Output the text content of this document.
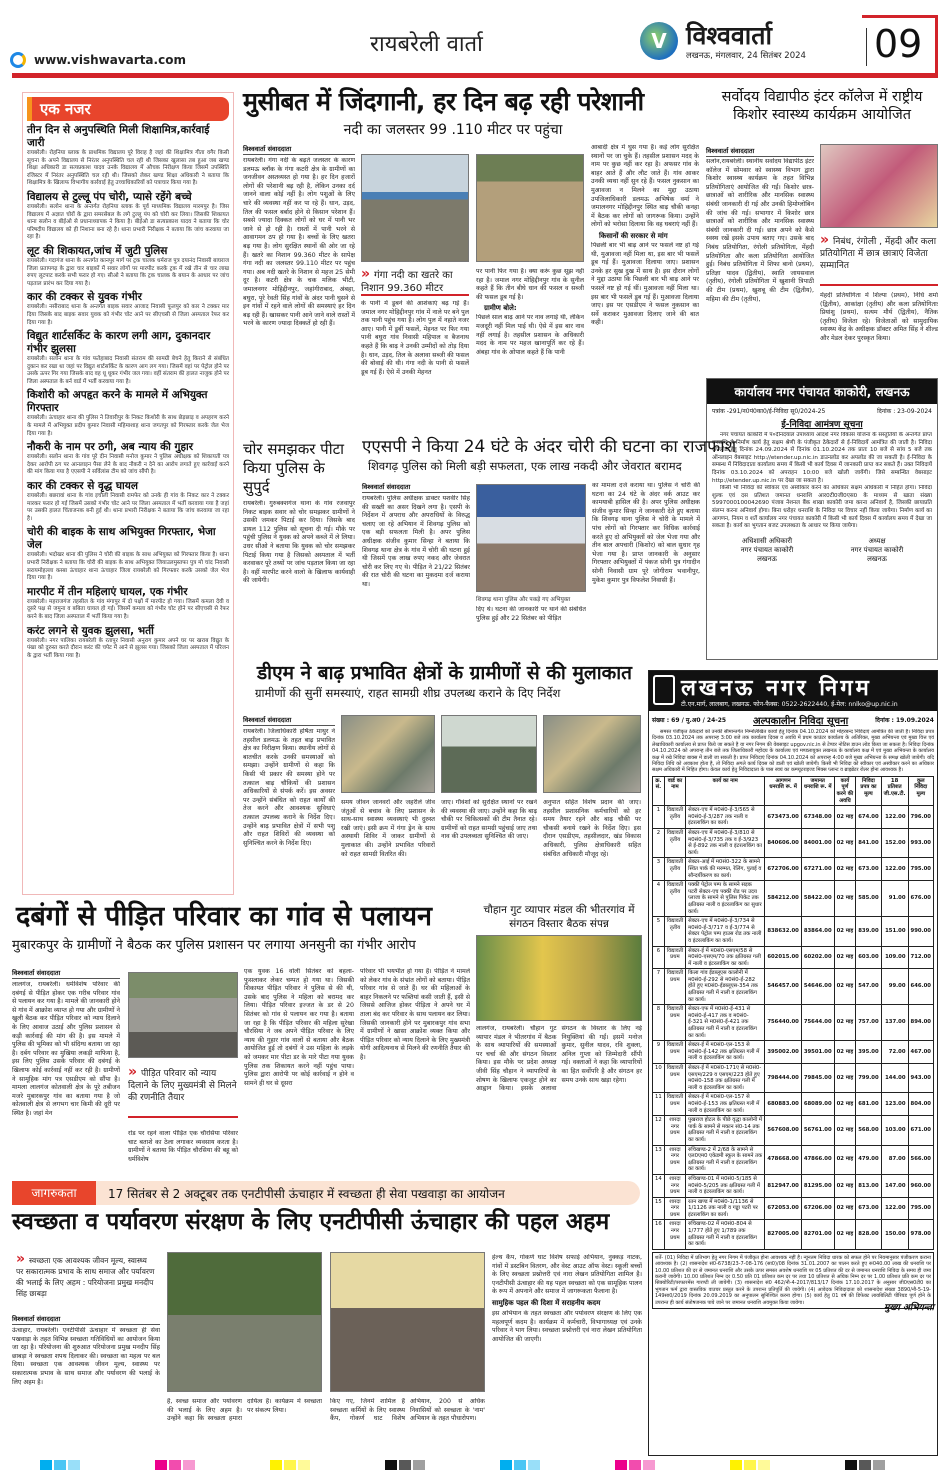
www.vishwavarta.com
रायबरेली वार्ता	V विश्ववार्ता
लखनऊ, मंगलवार, 24 सितंबर 2024 09
एक नजर
तीन दिन से अनुपस्थिति मिली शिक्षामित्र,कार्रवाई जारी

रायबरेली। रोहनिया ब्लाक के प्राथमिक विद्यालय पूरे विराह है जहां की शिक्षामित्र गीता वगैर किसी सूचना के अपने विद्यालय से निरंतर अनुपस्थिति चल रही थी जिसका खुलासा तब हुआ जब खण्ड शिक्षा अधिकारी डा सत्यप्रकाश यादव उनके विद्यालय में औचक निरीक्षण किया जिसमें उपस्थिति रजिस्टर में निरंतर अनुपस्थिति चल रही थी। जिसको लेकर खण्ड शिक्षा अधिकारी ने बताया कि शिक्षामित्र के खिलाफ विभागीय कार्रवाई हेतु उच्चाधिकारियों को पत्राचार किया गया है।

विद्यालय से टुल्लू पंप चोरी, प्यासे रहेंगे बच्चे

रायबरेली। सलोन थाना के अन्तर्गत रोहनिया ब्लाक के पूर्व माध्यमिक विद्यालय मारमपुर है। जिस विद्यालय में अज्ञात चोरों के द्वारा समरसेबल के लगे टुल्लू पंप को चोरी कर लिया। जिसकी शिकायत थाना सलोन व बीईओ से प्रधानाध्यापक ने किया है। बीईओ डा सत्यप्रकाश यादव ने बताया कि चोर परिषदीय विद्यालय को ही निशाना बना रहे है। थाना प्रभारी निरीक्षक ने बताया कि जांच करवाया जा रहा है।

लूट की शिकायत,जांच में जुटी पुलिस

रायबरेली। गदागंज थाना के अन्तर्गत कानपुर मार्ग पर ट्रक चालक धर्मराज पुत्र दयानंद निवासी बाघराज जिला प्रतापगढ़ के द्वारा चार बाइकों में सवार लोगों पर मारपीट करके ट्रक में रखे तीन से चार लाख रुपए लूटपाट करके सभी फरार हो गए। सीओ ने बताया कि ट्रक चालक के बयान के आधार पर जांच पड़ताल प्रारंभ कर दिया गया है।

कार की टक्कर से युवक गंभीर

रायबरेली। नसीराबाद थाना के अन्तर्गत बाइक सवार आजाद निवासी फूलपुर को कार ने टक्कर मार दिया जिसके बाद बाइक सवार युवक को गंभीर चोट आने पर सीएचसी से जिला अस्पताल रेफर कर दिया गया है।

विद्युत शार्टसर्किट के कारण लगी आग, दुकानदार गंभीर झुलसा

रायबरेली। सलोन थाना के गांव फतेहाबाद निवासी संतराम की सामग्री बेचने हेतु किराने से संबंधित दुकान कर रखा था जहां पर विद्युत शार्टसर्किट के कारण आग लग गया। जिसमें वहां पर पेट्रोल होने पर उसके ऊपर गिर गया जिसके बाद वह धू धूकर गंभीर जल गया। वहीं संतराम की हालत नाजुक होने पर जिला अस्पताल के बर्न वार्ड में भर्ती करवाया गया है।

किशोरी को अपहृत करने के मामले में अभियुक्त गिरफ्तार

रायबरेली। ऊंचाहार थाना की पुलिस ने तिवारीपुर के निकट किशोरी के साथ छेड़छाड़ व अपहरण करने के मामले में अभियुक्त प्रदीप कुमार निवासी महिमाशाह थाना जगतपुर को गिरफ्तार करके जेल भेज दिया गया है।

नौकरी के नाम पर ठगी, अब न्याय की गुहार

रायबरेली। सलोन थाना के गांव पूरे दीन निवासी मनोज कुमार ने पुलिस अधीक्षक को शिकायती पत्र देकर आरोपी ठग पर आनलाइन पैसा लेने के बाद नौकरी न देने का आरोप लगाते हुए कार्रवाई करने की मांग किया गया है एएसपी ने सर्विलांस टीम को जांच सौंपी है।

कार की टक्कर से वृद्ध घायल

रायबरेली। बछरावां थाना के गांव इचौली निवासी रामफेर को उनके ही गांव के निकट कार ने टक्कर मारकर फरार हो गई जिसमें उसको गंभीर चोट आने पर जिला अस्पताल में भर्ती करवाया गया है जहां पर उसकी हालत चिंताजनक बनी हुई थी। थाना प्रभारी निरीक्षक ने बताया कि जांच करवाया जा रहा है।

चोरी की बाइक के साथ अभियुक्त गिरफ्तार, भेजा जेल

रायबरेली। भदोखर थाना की पुलिस ने चोरी की बाइक के साथ अभियुक्त को गिरफ्तार किया है। थाना प्रभारी निरीक्षक ने बताया कि चोरी की बाइक के साथ अभियुक्त जियाउलमुस्तफा पुत्र मो चांद निवासी सरायमोहल्ला कस्बा ऊंचाहार थाना ऊंचाहार जिला रायबरेली को गिरफ्तार करके उसको जेल भेज दिया गया है।

मारपीट में तीन महिलाएं घायल, एक गंभीर

रायबरेली। महराजगंज तहसील के गांव मंगापुर में दो पक्षों में मारपीट हो गया। जिसमें कमला देवी व दूसरे पक्ष से जमुना व बबिता घायल हो गई। जिसमें कमला को गंभीर चोट होने पर सीएचसी से रेफर करने के बाद जिला अस्पताल में भर्ती किया गया है।

करंट लगने से युवक झुलसा, भर्ती

रायबरेली। नगर पालिका रायबरेली के रतापुर निवासी अनुराग कुमार अपने घर पर खराब विद्युत के पंखा को दुरुस्त करते दौरान करंट की चपेट में आने से झुलस गया। जिसको जिला अस्पताल में परिजन के द्वारा भर्ती किया गया है।

मुसीबत में जिंदगानी, हर दिन बढ़ रही परेशानी
नदी का जलस्तर 99 .110 मीटर पर पहुंचा
विश्ववार्ता संवाददाता
रायबरेली। गंगा नदी के बढ़ते जलस्तर के कारण डलमऊ ब्लॉक के गंगा कटरी क्षेत्र के ग्रामीणों का जनजीवन अस्तव्यस्त हो गया है। हर दिन हजारों लोगों की परेशानी बढ़ रही है, लेकिन उनका दर्द जानने वाला कोई नहीं है। लोग पशुओं के लिए चारे की व्यवस्था नहीं कर पा रहे हैं। धान, उड़द, तिल की फसल बर्बाद होने से किसान परेशान हैं। सबसे ज्यादा दिक्कत लोगों को घर में पानी भर जाने से हो रही है। रास्तों में पानी भरने से आवागमन ठप हो गया है। बच्चों के लिए खतरा बढ़ गया है। लोग सुरक्षित स्थानों की ओर जा रहे हैं। खतरे का निशान 99.360 मीटर के सापेक्ष गंगा नदी का जलस्तर 99.110 मीटर पर पहुंच गया। अब नदी खतरे के निशान से महज 25 सेमी दूर है। कटरी क्षेत्र के चक मलिक भीटी, जमालनगर मोहिद्दीनपुर, जहांगीराबाद, अंबहा, बघुरा, पूरे रेवती सिंह गांवों के अंदर पानी घुसने से इन गांवों में रहने वाले लोगों की समस्याएं हर दिन बढ़ रही हैं। खासकर पानी आने जाने वाले रास्तों में भरने के कारण ज्यादा दिक्कतें हो रही हैं।
» गंगा नदी का खतरे का निशान 99.360 मीटर
के पानी में डूबने की आशंकाएं बढ़ गई हैं। जमाल नगर मोहिद्दीनपुर गांव में नाले पर बने पुल तक पानी पहुंच गया है। लोग पुल में नहाते नजर आए। पानी में डूबीं फसलें, मेहनत पर फिर गया पानी बघुरा गांव निवासी महिपाल व बैजनाथ कहते हैं कि बाढ़ ने उनकी उम्मीदों को तोड़ दिया है। धान, उड़द, तिल के अलावा सब्जी की फसल की बोवाई की थी। गंगा नदी के पानी से फसलें डूब गई हैं। ऐसे में उनकी मेहनत
पर पानी फिर गया है। क्या करूं कुछ सूझ नहीं रहा है। जमाल नगर मोहिद्दीनपुर गांव के सुनील कहते हैं कि तीन बीघे धान की फसल व सब्जी की फसल डूब गई है।
ग्रामीण बोले:
पिछले साल बाढ़ आने पर नाव लगाई थी, लेकिन मजदूरी नहीं मिल पाई थी। ऐसे में इस बार नाव नहीं लगाई है। तहसील प्रशासन के अधिकारी मदद के नाम पर महज खानापूर्ति कर रहे हैं। अंबहा गांव के ओपाल कहते हैं कि पानी
आबादी क्षेत्र में घुस गया है। कई लोग सुरक्षित स्थानों पर जा चुके हैं। तहसील प्रशासन मदद के नाम पर कुछ नहीं कर रहा है। अफसर गांव के बाहर आते हैं और लौट जाते हैं। गांव आकर उनकी व्यथा नहीं सुन रहे हैं। फसल नुकसान का मुआवजा न मिलने का मुद्दा उठाया उपजिलाधिकारी डलमऊ अभिषेक वर्मा ने जमालनगर मोहिद्दीनपुर स्थित बाढ़ चौकी कनहा में बैठक कर लोगों को जागरूक किया। उन्होंने लोगों को भरोसा दिलाया कि वह घबराएं नहीं हैं।
किसानों की सरकार से मांग
पिछली बार भी बाढ़ आने पर फसलें नष्ट हो गई थी, मुआवजा नहीं मिला था, इस बार भी फसलें डूब गई हैं। मुआवजा दिलाया जाए। प्रशासन उनके हर सुख दुख में साथ है। इस दौरान लोगों ने मुद्दा उठाया कि पिछली बार भी बाढ़ आने पर फसलें नष्ट हो गई थीं। मुआवजा नहीं मिला था। इस बार भी फसलें डूब गई हैं। मुआवजा दिलाया जाए। इस पर एसडीएम ने फसल नुकसान का सर्वे कराकर मुआवजा दिलाए जाने की बात कही।
सर्वोदय विद्यापीठ इंटर कॉलेज में राष्ट्रीय किशोर स्वास्थ्य कार्यक्रम आयोजित
विश्ववार्ता संवाददाता
सलोन,रायबरेली। स्थानीय सर्वोदय विद्यापीठ इंटर कॉलेज में सोमवार को स्वास्थ्य विभाग द्वारा किशोर स्वास्थ्य कार्यक्रम के तहत विभिन्न प्रतियोगिताएं आयोजित की गईं। किशोर छात्र-छात्राओं को शारीरिक और मानसिक स्वास्थ्य संबंधी जानकारी दी गई और उनकी हिमोग्लोबिन की जांच की गई। सभागार में किशोर छात्र छात्राओं को शारीरिक और मानसिक स्वास्थ्य संबंधी जानकारी दी गई। छात्र अपने को कैसे स्वस्थ रखें इसके उपाय बताए गए। उसके बाद निबंध प्रतियोगिता, रंगोली प्रतियोगिता, मेंहदी प्रतियोगिता और कला प्रतियोगिता आयोजित हुई। निबंध प्रतियोगिता में शिफा बानो (प्रथम), प्रतिज्ञा यादव (द्वितीय), स्वाति जायसवाल (तृतीय), रंगोली प्रतियोगिता में खुशानी त्रिपाठी की टीम (प्रथम), खुशबू की टीम (द्वितीय), महिमा की टीम (तृतीय),
» निबंध, रंगोली , मेंहदी और कला प्रतियोगिता में छात्र छात्राएं विजेता सम्मानित
मेंहदी प्रतियोगिता में शिल्पा (प्रथम), निधि शर्मा (द्वितीय), आकांक्षा (तृतीय) और कला प्रतियोगिताः प्रियांशु (प्रथम), सत्यम मौर्य (द्वितीय), नैतिक (तृतीय) विजेता रहे। विजेताओं को सामुदायिक स्वास्थ्य केंद्र के अधीक्षक डॉक्टर अमित सिंह ने शील्ड और मेडल देकर पुरस्कृत किया।
कार्यालय नगर पंचायत काकोरी, लखनऊ
पत्रांक -291/न0पं0का0/ई-निविदा सू0/2024-25	दिनांक : 23-09-2024
ई-निविदा आमंत्रण सूचना
नगर पंचायत काकोरी में पं०दीनदयाल उपाध्याय आदर्श नगर विकास योजना के संस्तुतियों के अन्तर्गत प्राप्त धनराशि से निर्माण कार्य हेतु सक्षम श्रेणी के पंजीकृत ठेकेदारों से ई-निविदायें आमंत्रित की जाती है। निविदा अपलोड हेतु दिनांक 24.09.2024 से दिनांक 01.10.2024 तक प्रातः 10 बजे से सांय 5 बजे तक ऑनलाइन वेबसाइट http://etender.up.nic.in डाउनलोड कर अपलोड की जा सकती है। ई-निविदा के सम्बन्ध में निविदादाता कार्यालय समय में किसी भी कार्य दिवस में जानकारी प्राप्त कर सकते हैं। उक्त निविदायें दिनांक 03.10.2024 को अपराहन 10:00 बजे खोली जायेंगी। जिसे सम्बन्धित वेबसाइट http://etender.up.nic.in पर देखा जा सकता है।
किसी भी निविदा को स्वीकार एवं अस्वीकार करने का अधिकार सक्षम अधिकारी में निहित होगा। निविदा शुल्क एवं दस प्रतिशत जमानत धनराशि आर0टी0जी0एस0 के माध्यम से खाता संख्या 5997000100042690 पंजाब नेशनल बैंक शाखा काकोरी जमा करना अनिवार्य है, जिसकी छायाप्रति संलग्न करना अनिवार्य होगा। बिना धरोहर धनराशि के निविदा पर विचार नहीं किया जायेगा। निर्माण कार्य का आगणन, नियम व शर्ते कार्यालय नगर पंचायत काकोरी में किसी भी कार्य दिवस में कार्यालय समय में देखा जा सकता है। कार्य का भुगतान बजट उपलब्धता के आधार पर किया जायेगा।
अधिशासी अधिकारी
नगर पंचायत काकोरी
लखनऊ
अध्यक्ष
नगर पंचायत काकोरी
लखनऊ
चोर समझकर पीटा किया पुलिस के सुपुर्द
रायबरेली। गुरुबक्शगंज थाना के गांव रजवापुर निकट बाइक सवार को चोर समझकर ग्रामीणों ने उसकी जमकर पिटाई कर दिया। जिसके बाद डायल 112 पुलिस को सूचना दी गई। मौके पर पहुंची पुलिस ने युवक को अपने कब्जे में ले लिया। उधर सीओ ने बताया कि युवक को चोर समझकर पिटाई किया गया है जिसको अस्पताल में भर्ती करवाकर पूरे तथ्यों पर जांच पड़ताल किया जा रहा है। वहीं मारपीट करने वालो के खिलाफ कार्यवाही की जायेगी।
एएसपी ने किया 24 घंटे के अंदर चोरी की घटना का राजफाश
शिवगढ़ पुलिस को मिली बड़ी सफलता, एक लाख नकदी और जेवरात बरामद
विश्ववार्ता संवाददाता
रायबरेली। पुलिस अधीक्षक डाक्टर यशवीर सिंह की सख्ती का असर दिखने लगा है। एसपी के निर्देशन में अपराध और अपराधियों के विरुद्ध चलाए जा रहे अभियान में शिवगढ़ पुलिस को एक बड़ी सफलता मिली है। अपर पुलिस अधीक्षक संजीव कुमार सिन्हा ने बताया कि शिवगढ़ थाना क्षेत्र के गांव में चोरी की घटना हुई थी जिसमें एक लाख रुपए नकद और जेवरात चोरी कर लिए गए थे। पीड़ित ने 21/22 सितंबर की रात चोरी की घटना का मुकदमा दर्ज कराया था।
शिवगढ़ थाना पुलिस और पकड़े गए अभियुक्त
दिए थे। घटना की जानकारी पर थाने की संबंधित पुलिस हुई और 22 सितंबर को पीड़ित
का मामला दर्ज कराया था। पुलिस ने चोरी की घटना का 24 घंटे के अंदर वर्क आउट कर कामयाबी हासिल की है। अपर पुलिस अधीक्षक संजीव कुमार सिन्हा ने जानकारी देते हुए बताया कि शिवगढ़ थाना पुलिस ने चोरी के मामले में पांच लोगों को गिरफ्तार कर विधिक कार्रवाई करते हुए दो अभियुक्तों को जेल भेजा गया और तीन बाल अपचारी (किशोर) को बाल सुधार गृह भेजा गया है। प्राप्त जानकारी के अनुसार गिरफ्तार अभियुक्तों में पंकज सोनी पुत्र गंगादीन सोनी निवासी ग्राम पूरे जोगीराम भवानीपुर, मुकेश कुमार पुत्र विफलेश निवासी हैं।
डीएम ने बाढ़ प्रभावित क्षेत्रों के ग्रामीणों से की मुलाकात
ग्रामीणों की सुनीं समस्याएं, राहत सामग्री शीघ्र उपलब्ध कराने के दिए निर्देश
विश्ववार्ता संवाददाता
रायबरेली। जिलाधिकारी हर्षिता माथुर ने तहसील डलमऊ के तहत बाढ़ प्रभावित क्षेत्र का निरीक्षण किया। स्थानीय लोगों से बातचीत करके उनकी समस्याओं को समझा। उन्होंने ग्रामीणों से कहा कि किसी भी प्रकार की समस्या होने पर तत्काल बाढ़ चौकियों की प्रशासन अधिकारियों से संपर्क करें। इस अवसर पर उन्होंने संबंधित को राहत कार्यों की तेज करने और आवश्यक सुविधाएं तत्काल उपलब्ध कराने के निर्देश दिए। उन्होंने बाढ़ प्रभावित क्षेत्रों में सभी पशु और राहत शिविरों की व्यवस्था को सुनिश्चित करने के निर्देश दिए।
समय जीवन जानवरों और जहरीले जीव जंतुओं से बचाव के लिए प्रशासन के साथ-साथ स्वास्थ्य व्यवस्थाएं भी दुरुस्त रखी जाएं। इसी क्रम में गंगा ड्रेन के साथ अस्थायी शिविर में जाकर ग्रामीणों से मुलाकात की। उन्होंने प्रभावित परिवारों को राहत सामग्री वितरित की।
जाए। गौवंशों को सुरक्षित स्थानों पर रखने की व्यवस्था की जाए। उन्होंने कहा कि बाढ़ चौकी पर चिकित्सकों की टीम तैनात रहे। ग्रामीणों को राहत सामग्री पहुंचाई जाए तथा नाव की उपलब्धता सुनिश्चित की जाए।
अनुपात सहित विशेष प्रदान की जाए। तहसील प्रशासनिक कर्मचारियों को हर समय तैयार रहने और बाढ़ चौकी पर चौकसी बनाये रखने के निर्देश दिए। इस दौरान एसडीएम, तहसीलदार, खंड विकास अधिकारी, पुलिस क्षेत्राधिकारी सहित संबंधित अधिकारी मौजूद रहे।
लखनऊ नगर निगम
टी.एन.मार्ग, लालबाग, लखनऊ. फोन-फैक्स: 0522-2622440, ई-मेल: nnlko@up.nic.in
संख्या : 69 / मु.अ0 / 24-25	अल्पकालीन निविदा सूचना	दिनांक : 19.09.2024
समस्त पंजीकृत ठेकेदारों को उनकी सीमान्तर्गत निम्नलिखित कार्यो हेतु दिनांक 04.10.2024 को मोहरबन्द निविदाएं आमंत्रित की जाती है। निविदा प्रपत्र दिनांक 03.10.2024 तक अपरान्ह 3:00 बजे तक कार्यालय दिवस व अवधि में प्रथम काउंटर कार्यालय के अतिरिक्त, मुख्य अभियन्ता एवं मुख्य वित्त एवं लेखाधिकारी कार्यालय से प्राप्त किये जा सकते है या नगर निगम की वेबसाइट upgov.nic.in से टेण्डर नोटिस डाउन लोड किया जा सकता है। निविदा दिनांक 04.10.2024 को अपरान्ह तीन बजे तक जिलाधिकारी महोदय के कार्यालय एवं मण्डलायुक्त लखनऊ के कार्यालय कक्ष में एवं मुख्य अभियन्ता के कार्यालय कक्ष में रखे निविदा बाक्स में डाली जा सकती है। प्राप्त निविदाएं दिनांक 04.10.2024 को अपरान्ह 4:00 बजे मुख्य अभियन्ता के समक्ष खोली जायेगी। यदि निविदा तिथि को अवकाश होता है, तो निविदा अगले कार्य दिवस को डाली एवं खोली जायेगी। किसी भी निविदा को स्वीकार एवं अस्वीकार करने का अधिकार सक्षम अधिकारी में निहित होगा। केवल कार्य हेतु निविदादाता के पास स्वयं का कम्प्यूटराइज्ड मिक्स प्लान्ट व ब्राइब्रेटर रोलर होना आवश्यक है।
क्र. सं.	वार्ड का नाम	कार्य का नाम	आगणन धनराशि रू. में	जमानत धनराशि रू. में	कार्य पूर्ण करने की अवधि	निविदा प्रपत्र का मूल्य	18 प्रतिशत जी.एस.टी.	कुल निविदा मूल्य
1	विद्यावती तृतीय	सेक्टर-एच में म0सं0-ई-3/565 से म0सं0-ई-3/287 तक नाली व इंटरलाकिंग का कार्य।	673473.00	67348.00	02 माह	674.00	122.00	796.00
2	विद्यावती तृतीय	सेक्टर-एच में म0सं0-ई-3/810 से म0सं0-ई-3/735 तक व ई-3/923 से ई-892 तक नाली व इंटरलाकिंग का कार्य।	840606.00	84001.00	02 माह	841.00	152.00	993.00
3	विद्यावती तृतीय	सेक्टर-आई में म0सं0-322 के सामने स्थित पार्क की मरम्मत, रेलिंग, पुताई व सौन्दर्यीकरण का कार्य।	672706.00	67271.00	02 माह	673.00	122.00	795.00
4	विद्यावती तृतीय	पक्की पेट्रोल पम्प के सामने सड़क पटरी सेक्टर-एच पक्की रोड पर उदय प्लाजा के सामने से पुलिस पिकेट तक क्षतिग्रस्त नाली व इंटरलाकिंग का सुधार कार्य।	584212.00	58422.00	02 माह	585.00	91.00	676.00
5	विद्यावती तृतीय	सेक्टर-एच में म0सं0-ई-3/734 से म0सं0-ई-3/717 व ई-3/774 से सेक्टर पेट्रोल पम्प हाउस रोड तक नाली व इंटरलाकिंग का कार्य।	838632.00	83864.00	02 माह	839.00	151.00	990.00
6	विद्यावती प्रथम	सेक्टर-ई में म0सं0-एसएम/58 से म0सं0-एसएम/70 तक क्षतिग्रस्त गली में नाली व इंटरलाकिंग का कार्य।	602015.00	60202.00	02 माह	603.00	109.00	712.00
7	विद्यावती प्रथम	किला गांव ईडब्लूएस कालोनी में म0सं0-ई-292 से म0सं0-ई-282 होते हुए म0सं0-ईडब्लूएस-354 तक क्षतिग्रस्त गली में नाली व इंटरलाकिंग का कार्य।	546457.00	54646.00	02 माह	547.00	99.00	646.00
8	विद्यावती प्रथम	सेक्टर-एफ में म0सं0-ई-431 से म0सं0-ई-417 तक व म0सं0-ई-321 से म0सं0-ई-421 तक क्षतिग्रस्त गली में नाली व इंटरलाकिंग का कार्य।	756440.00	75644.00	02 माह	757.00	137.00	894.00
9	विद्यावती प्रथम	सेक्टर-ई में म0सं0-एल-153 से म0सं0-ई-142 तक क्षतिग्रस्त गली में नाली व इंटरलाकिंग का कार्य।	395002.00	39501.00	02 माह	395.00	72.00	467.00
10	विद्यावती प्रथम	सेक्टर-ई में म0सं0-171ए से म0सं0-एसएम/229 व एसएम/223 होते हुए म0सं0-158 तक क्षतिग्रस्त गली में नाली व इंटरलाकिंग का कार्य।	798444.00	79845.00	02 माह	799.00	144.00	943.00
11	विद्यावती प्रथम	सेक्टर-ई में म0सं0-एल-157 से म0सं0-ई-153 तक क्षतिग्रस्त गली में नाली व इंटरलाकिंग का कार्य।	680883.00	68089.00	02 माह	681.00	123.00	804.00
12	शारदा नगर प्रथम	पुखराज होटल के पीछे वृद्धा कालोनी में पार्क के सामने से मकान सं0-14 तक क्षतिग्रस्त गली में नाली व इंटरलाकिंग का कार्य।	567608.00	56761.00	02 माह	568.00	103.00	671.00
13	शारदा नगर प्रथम	रुचिखण्ड-2 में 2/68 के सामने से एल0एम0 एकेडमी स्कूल के सामने तक क्षतिग्रस्त गली में नाली व इंटरलाकिंग का कार्य।	478668.00	47866.00	02 माह	479.00	87.00	566.00
14	शारदा नगर प्रथम	रुचिखण्ड-01 में म0सं0-5/185 से म0सं0-5/205 तक क्षतिग्रस्त गली में नाली व इंटरलाकिंग का कार्य।	812947.00	81295.00	02 माह	813.00	147.00	960.00
15	शारदा नगर प्रथम	रतन खण्ड में म0सं0-1/1136 से 1/1126 तक नाली व गड्ढा पटरी पर इंटरलाकिंग का कार्य।	672053.00	67206.00	02 माह	673.00	122.00	795.00
16	शारदा नगर प्रथम	रुचिखण्ड-02 में म0सं0-804 से 1/777 होते हुए 1/789 तक क्षतिग्रस्त गली में नाली व इंटरलाकिंग का कार्य।	827005.00	82701.00	02 माह	828.00	150.00	978.00
शर्तें- (01) निविदा में प्रतिभाग हेतु नगर निगम में पंजीकृत होना आवश्यक नहीं है। न्यूनतम निविदा धारक को सफल होने पर नियमानुसार पंजीकरण कराना आवश्यक है। (2) शासनादेश सं0-6738/23-7-08-176 (सा0)/08 दिनांक 31.01.2007 का पालन करते हुए रू040.00 लाख की धनराशि पर 10.00 प्रतिशत की दर से जमानत धनराशि और उसके ऊपर समस्त अवशेष धनराशि पर 05 प्रतिशत की दर से जमानत धनराशि निविदा के समय ही जमा करानी जायेगी। 10.00 प्रतिशत निम्न दर 0.50 प्रति 01 प्रतिशत कम दर पर तथा 10 प्रतिशत से अधिक निम्न दर पर 1.00 प्रतिशत प्रति कम दर पर सिक्योरिटी/परफारमेंस गारण्टी ली जायेगी। (3) शासनादेश सं0 462/नौ-4-2017/813/17 दिनांक 17.10.2017 के अनुसार जी0एस0टी0 का भुगतान फर्म द्वारा वास्तविक वाउचर प्रस्तुत करने के उपरान्त प्रतिपूर्ति की जायेगी। (4) आवेदक निविदादाता को शासनादेश संख्या 3890/नौ-5-19-149सा0/2019 दिनांक 20.09.2019 का अनुपालन सुनिश्चित करना होगा। (5) कार्य हेतु 01 वर्ष की डिफेक्ट लायबिलिटी पीरियड पूर्ण होने के उपरान्त ही कार्य संतोषजनक पाये जाने पर जमानत धनराशि अवमुक्त किया जायेगा।
मुख्य अभियन्ता
दबंगों से पीड़ित परिवार का गांव से पलायन
मुबारकपुर के ग्रामीणों ने बैठक कर पुलिस प्रशासन पर लगाया अनसुनी का गंभीर आरोप
विश्ववार्ता संवाददाता
लालगंज, रायबरेली। धर्मविशेष परिवार की दबंगई से पीड़ित होकर एक गरीब परिवार गांव से पलायन कर गया है। मामले की जानकारी होने से गांव में आक्रोश व्याप्त हो गया और ग्रामीणों ने खुली बैठक कर पीड़ित परिवार को न्याय दिलाने के लिए आवाज उठाई और पुलिस प्रशासन से कड़ी कार्रवाई की मांग की है। इस मामले में पुलिस की भूमिका को भी संदिग्ध बताया जा रहा है। दर्बग परिवार का मुखिया लकड़ी माफिया है, इस लिए पुलिस उसके परिवार की दबंगई के खिलाफ कोई कार्रवाई नहीं कर रही है। ग्रामीणों ने सामूहिक मांग पत्र एसडीएम को सौंपा है। मामला लालगंज कोतवाली क्षेत्र के पूरे तबीजन मजरे मुबारकपुर गांव का बताया गया है जो कोतवाली क्षेत्र से लगभग चार किमी की दूरी पर स्थित है। जहां मेन
» पीड़ित परिवार को न्याय दिलाने के लिए मुख्यमंत्री से मिलने की रणनीति तैयार
रोड पर रहने वाला पीड़ित एक चौरसिया परिवार चाट बताशे का ठेला लगाकर व्यवसाय करता है। ग्रामीणों ने बताया कि पीड़ित चौरसिया की बहू को धर्मविशेष
एक युवक 16 वोली सितंबर को बहला-फुसलाकर लेकर चम्पत हो गया था। जिसकी शिकायत पीड़ित परिवार ने पुलिस से की थी, उसके बाद पुलिस ने महिला को बरामद कर लिया। पीड़ित परिवार इज्जत के डर से 20 सितंबर को गांव से पलायन कर गया है। बताया जा रहा है कि पीड़ित परिवार की महिला सुरेखा चौरसिया ने जब अपने पीड़ित परिवार के लिए न्याय की गुहार गांव वालों से बताया और बैठक आयोजित हुई तो दबंगों ने उस महिला के लड़के को जमकर मार पीटा डर के मारे पीटा गया युवक पुलिस तक शिकायत करने नहीं पहुंच पाया। पुलिस द्वारा आरोपी पर कोई कार्रवाई न होने व सामने ही घर से दूसरा
परिवार भी भयभीत हो गया है। पीड़ित ने मामले को लेकर गांव के संभ्रांत लोगों को बताया। पीड़ित परिवार गांव से जाते हैं। घर की महिलाओं के बाहर निकलने पर फब्तियां कसी जाती हैं, इसी से जिससे आजिज होकर पीड़िता ने अपने घर में ताला बंद कर परिवार के साथ पलायन कर लिया। जिसकी जानकारी होने पर मुबारकपुर गांव सभा में ग्रामीणों ने खासा आक्रोश व्यक्त किया और पीड़ित परिवार को न्याय दिलाने के लिए मुख्यमंत्री योगी आदित्यनाथ से मिलने की रणनीति तैयार की है।
चौहान गुट व्यापार मंडल की भीतरगांव में संगठन विस्तार बैठक संपन्न
लालगंज, रायबरेली। चौहान गुट व्यापार मंडल ने भीतरगांव में बैठक के साथ व्यापारियों की समस्याओं पर चर्चा की और संगठन विस्तार किया। इस मौके पर प्रदेश अध्यक्ष जीवी सिंह चौहान ने व्यापारियों के शोषण के खिलाफ एकजुट होने का आह्वान किया। इसके अलावा संगठन के विस्तार के लिए नई नियुक्तियां की गईं। इसमें मनोज कुमार, सुनील यादव, रवि शुक्ला, अनिल गुप्ता को जिम्मेदारी सौंपी गई। वक्ताओं ने कहा कि व्यापारियों का हित सर्वोपरि है और संगठन हर समय उनके साथ खड़ा रहेगा।
जागरुकता	17 सितंबर से 2 अक्टूबर तक एनटीपीसी ऊंचाहार में स्वच्छता ही सेवा पखवाड़ा का आयोजन
स्वच्छता व पर्यावरण संरक्षण के लिए एनटीपीसी ऊंचाहार की पहल अहम
» स्वच्छता एक आवश्यक जीवन मूल्य, स्वास्थ्य पर सकारात्मक प्रभाव के साथ समाज और पर्यावरण की भलाई के लिए अहम : परियोजना प्रमुख मनदीप सिंह छाबड़ा
विश्ववार्ता संवाददाता
ऊंचाहार, रायबरेली। एनटीपीसी ऊंचाहार में स्वच्छता ही सेवा पखवाड़ा के तहत विभिन्न स्वच्छता गतिविधियों का आयोजन किया जा रहा है। परियोजना की शुरुआत परियोजना प्रमुख मनदीप सिंह छाबड़ा ने स्वच्छता शपथ दिलाकर की। स्वच्छता का महत्व पर बल दिया। स्वच्छता एक आवश्यक जीवन मूल्य, स्वास्थ्य पर सकारात्मक प्रभाव के साथ समाज और पर्यावरण की भलाई के लिए अहम है।
है, स्वच्छ समाज और पर्यावरण की भलाई के लिए अहम है। उन्होंने कहा कि स्वच्छता हमारा दायित्व है। कार्यक्रम में स्वच्छता पर संकल्प लिया।
किए गए, जिनमें शामिल हैं स्वच्छता कर्मियों के लिए स्वास्थ्य कैंप, गोकर्ण घाट विशेष अभियान, 200 से अधिक निवासियों को स्वच्छता के 'नाम' अभियान के तहत पौधारोपण।
हेल्थ कैंप, गोकर्ण घाट विशेष सफाई अभियान, नुक्कड़ नाटक, गांवों में डस्टबिन वितरण, और वेस्ट आउट ऑफ वेस्ट। स्कूली बच्चों के लिए स्वच्छता प्रश्नोत्तरी एवं नारा लेखन प्रतियोगिता शामिल है। एनटीपीसी ऊंचाहार की यह पहल स्वच्छता को एक सामूहिक पालन के रूप में अपनाने और समाज में जागरूकता फैलाना है।
सामुहिक पहल की दिशा में सराहनीय कदम
इस अभियान के तहत स्वच्छता और पर्यावरण संरक्षण के लिए एक महत्वपूर्ण कदम है। कार्यक्रम में कर्मचारी, विभागाध्यक्ष एवं उनके परिवार ने भाग लिया। स्वच्छता प्रश्नोत्तरी एवं नारा लेखन प्रतियोगिता आयोजित की जाएगी।
